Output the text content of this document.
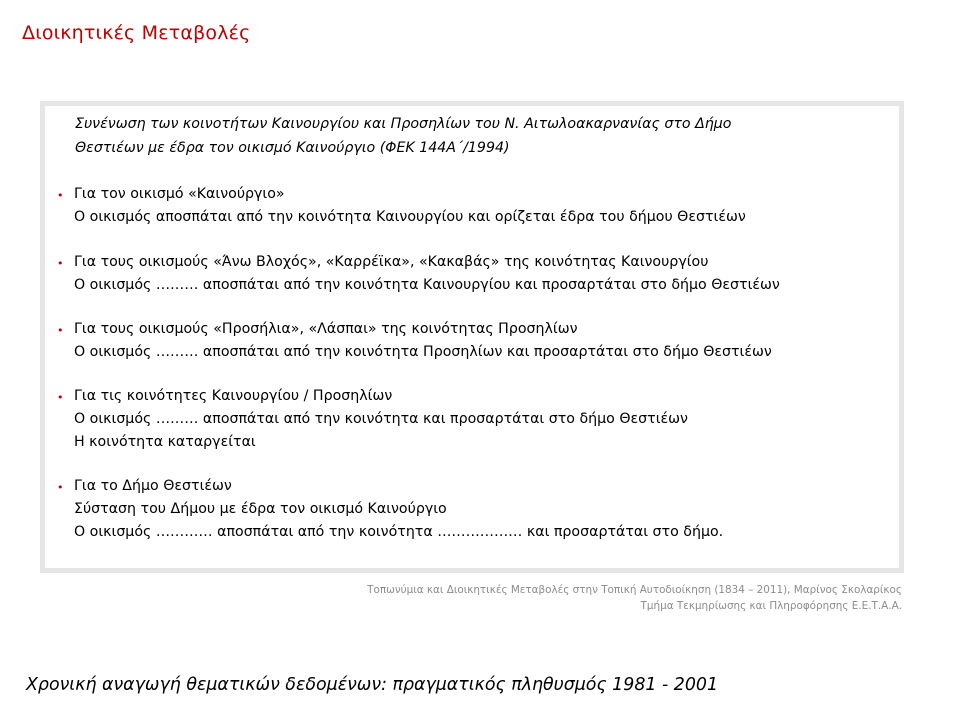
Διοικητικές Μεταβολές
Συνένωση των κοινοτήτων Καινουργίου και Προσηλίων του Ν. Αιτωλοακαρνανίας στο Δήμο
Θεστιέων με έδρα τον οικισμό Καινούργιο (ΦΕΚ 144Α΄/1994)
• Για τον οικισμό «Καινούργιο»
Ο οικισμός αποσπάται από την κοινότητα Καινουργίου και ορίζεται έδρα του δήμου Θεστιέων
• Για τους οικισμούς «Άνω Βλοχός», «Καρρέϊκα», «Κακαβάς» της κοινότητας Καινουργίου
Ο οικισμός ……… αποσπάται από την κοινότητα Καινουργίου και προσαρτάται στο δήμο Θεστιέων
• Για τους οικισμούς «Προσήλια», «Λάσπαι» της κοινότητας Προσηλίων
Ο οικισμός ……… αποσπάται από την κοινότητα Προσηλίων και προσαρτάται στο δήμο Θεστιέων
• Για τις κοινότητες Καινουργίου / Προσηλίων
Ο οικισμός ……… αποσπάται από την κοινότητα και προσαρτάται στο δήμο Θεστιέων
Η κοινότητα καταργείται
• Για το Δήμο Θεστιέων
Σύσταση του Δήμου με έδρα τον οικισμό Καινούργιο
Ο οικισμός ………… αποσπάται από την κοινότητα ……………… και προσαρτάται στο δήμο.
Τοπωνύμια και Διοικητικές Μεταβολές στην Τοπική Αυτοδιοίκηση (1834 – 2011), Μαρίνος Σκολαρίκος
Τμήμα Τεκμηρίωσης και Πληροφόρησης Ε.Ε.Τ.Α.Α.
Χρονική αναγωγή θεματικών δεδομένων: πραγματικός πληθυσμός 1981 - 2001
